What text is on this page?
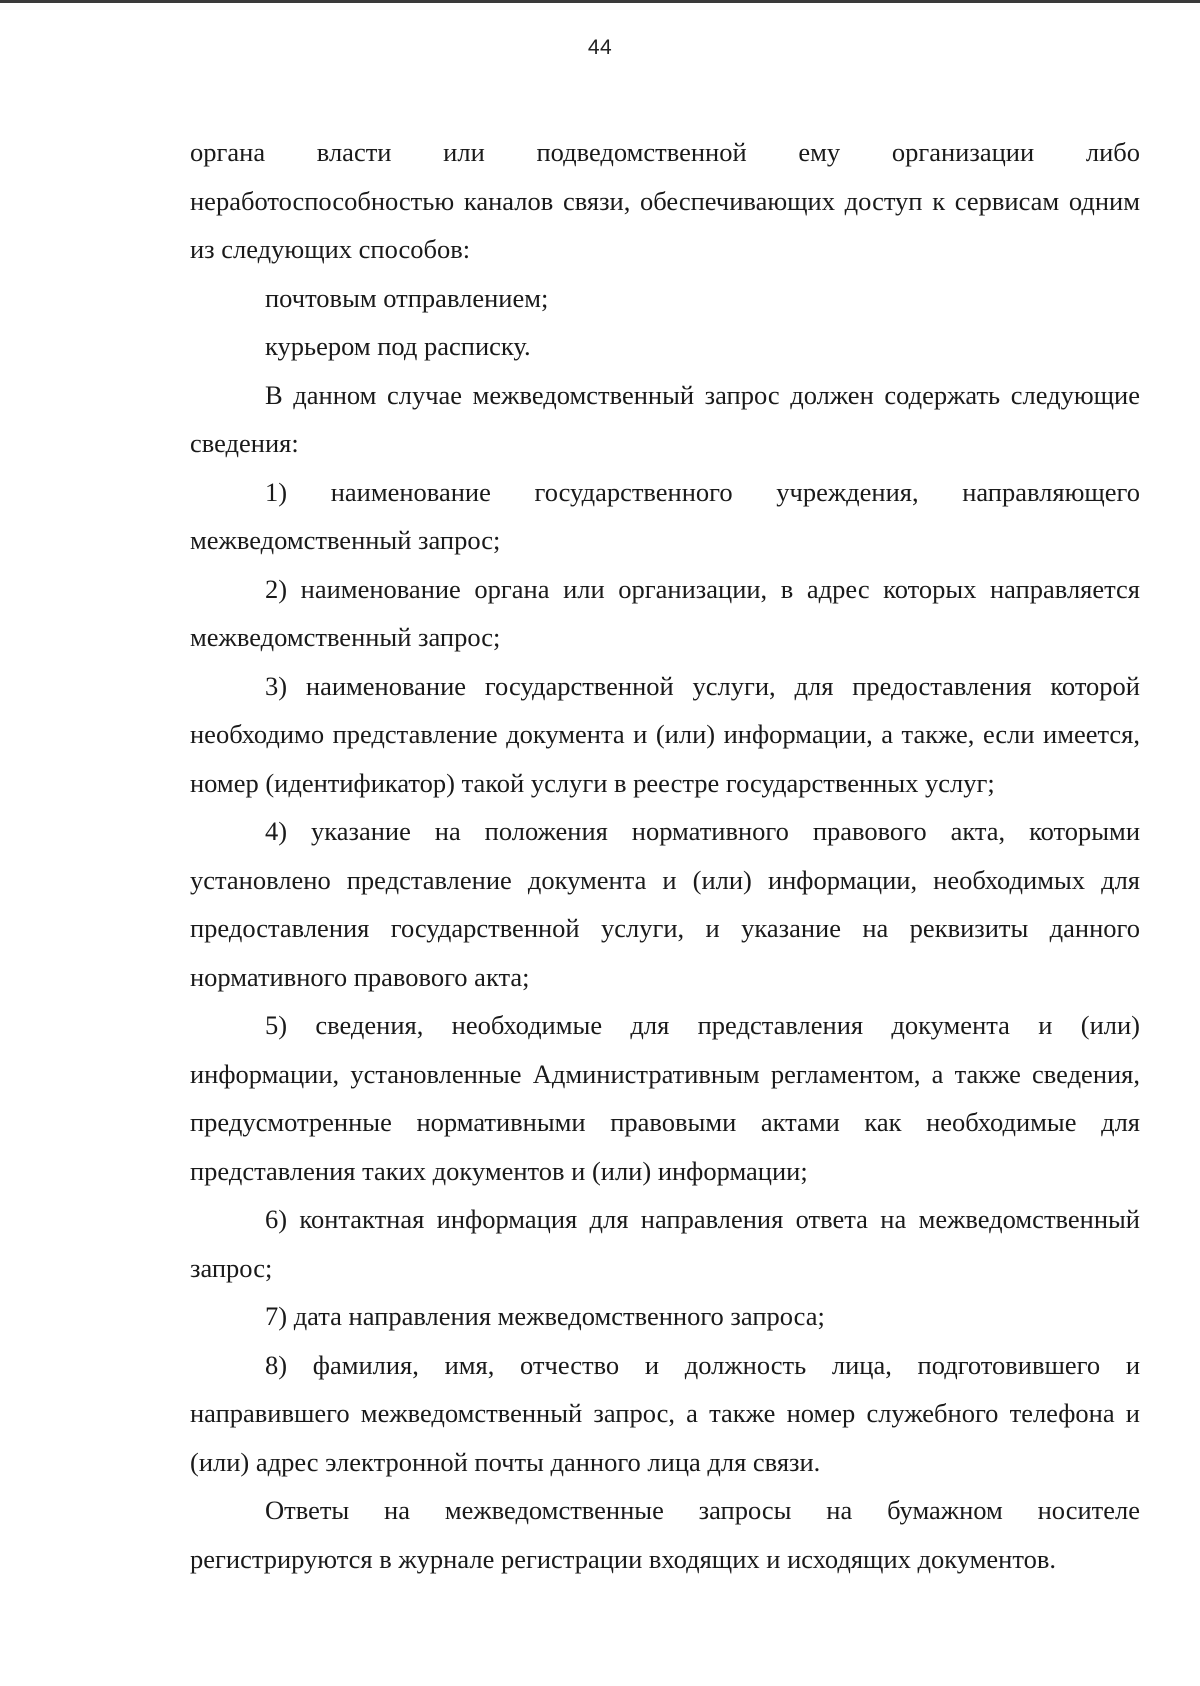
44

органа власти или подведомственной ему организации либо неработоспособностью каналов связи, обеспечивающих доступ к сервисам одним из следующих способов:

почтовым отправлением;

курьером под расписку.

В данном случае межведомственный запрос должен содержать следующие сведения:

1) наименование государственного учреждения, направляющего межведомственный запрос;

2) наименование органа или организации, в адрес которых направляется межведомственный запрос;

3) наименование государственной услуги, для предоставления которой необходимо представление документа и (или) информации, а также, если имеется, номер (идентификатор) такой услуги в реестре государственных услуг;

4) указание на положения нормативного правового акта, которыми установлено представление документа и (или) информации, необходимых для предоставления государственной услуги, и указание на реквизиты данного нормативного правового акта;

5) сведения, необходимые для представления документа и (или) информации, установленные Административным регламентом, а также сведения, предусмотренные нормативными правовыми актами как необходимые для представления таких документов и (или) информации;

6) контактная информация для направления ответа на межведомственный запрос;

7) дата направления межведомственного запроса;

8) фамилия, имя, отчество и должность лица, подготовившего и направившего межведомственный запрос, а также номер служебного телефона и (или) адрес электронной почты данного лица для связи.

Ответы на межведомственные запросы на бумажном носителе регистрируются в журнале регистрации входящих и исходящих документов.
